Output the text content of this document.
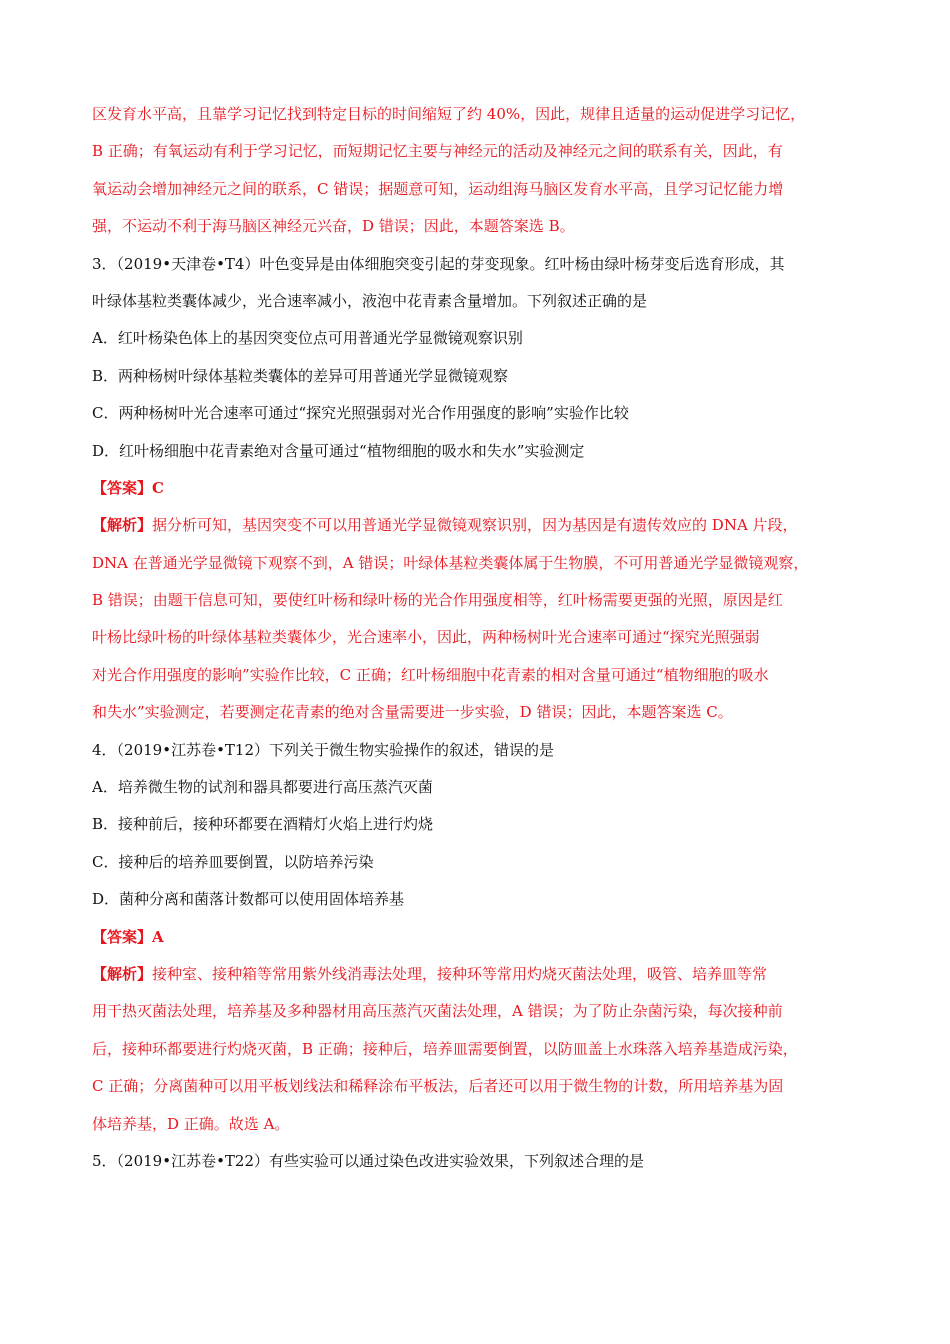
区发育水平高，且靠学习记忆找到特定目标的时间缩短了约 40%，因此，规律且适量的运动促进学习记忆，
B 正确；有氧运动有利于学习记忆，而短期记忆主要与神经元的活动及神经元之间的联系有关，因此，有
氧运动会增加神经元之间的联系，C 错误；据题意可知，运动组海马脑区发育水平高，且学习记忆能力增
强，不运动不利于海马脑区神经元兴奋，D 错误；因此，本题答案选 B。
3．（2019•天津卷•T4）叶色变异是由体细胞突变引起的芽变现象。红叶杨由绿叶杨芽变后选育形成，其
叶绿体基粒类囊体减少，光合速率减小，液泡中花青素含量增加。下列叙述正确的是
A．红叶杨染色体上的基因突变位点可用普通光学显微镜观察识别
B．两种杨树叶绿体基粒类囊体的差异可用普通光学显微镜观察
C．两种杨树叶光合速率可通过“探究光照强弱对光合作用强度的影响”实验作比较
D．红叶杨细胞中花青素绝对含量可通过“植物细胞的吸水和失水”实验测定
【答案】C
【解析】据分析可知，基因突变不可以用普通光学显微镜观察识别，因为基因是有遗传效应的 DNA 片段，
DNA 在普通光学显微镜下观察不到，A 错误；叶绿体基粒类囊体属于生物膜，不可用普通光学显微镜观察，
B 错误；由题干信息可知，要使红叶杨和绿叶杨的光合作用强度相等，红叶杨需要更强的光照，原因是红
叶杨比绿叶杨的叶绿体基粒类囊体少，光合速率小，因此，两种杨树叶光合速率可通过“探究光照强弱
对光合作用强度的影响”实验作比较，C 正确；红叶杨细胞中花青素的相对含量可通过“植物细胞的吸水
和失水”实验测定，若要测定花青素的绝对含量需要进一步实验，D 错误；因此，本题答案选 C。
4．（2019•江苏卷•T12）下列关于微生物实验操作的叙述，错误的是
A．培养微生物的试剂和器具都要进行高压蒸汽灭菌
B．接种前后，接种环都要在酒精灯火焰上进行灼烧
C．接种后的培养皿要倒置，以防培养污染
D．菌种分离和菌落计数都可以使用固体培养基
【答案】A
【解析】接种室、接种箱等常用紫外线消毒法处理，接种环等常用灼烧灭菌法处理，吸管、培养皿等常
用干热灭菌法处理，培养基及多种器材用高压蒸汽灭菌法处理，A 错误；为了防止杂菌污染，每次接种前
后，接种环都要进行灼烧灭菌，B 正确；接种后，培养皿需要倒置，以防皿盖上水珠落入培养基造成污染，
C 正确；分离菌种可以用平板划线法和稀释涂布平板法，后者还可以用于微生物的计数，所用培养基为固
体培养基，D 正确。故选 A。
5．（2019•江苏卷•T22）有些实验可以通过染色改进实验效果，下列叙述合理的是
